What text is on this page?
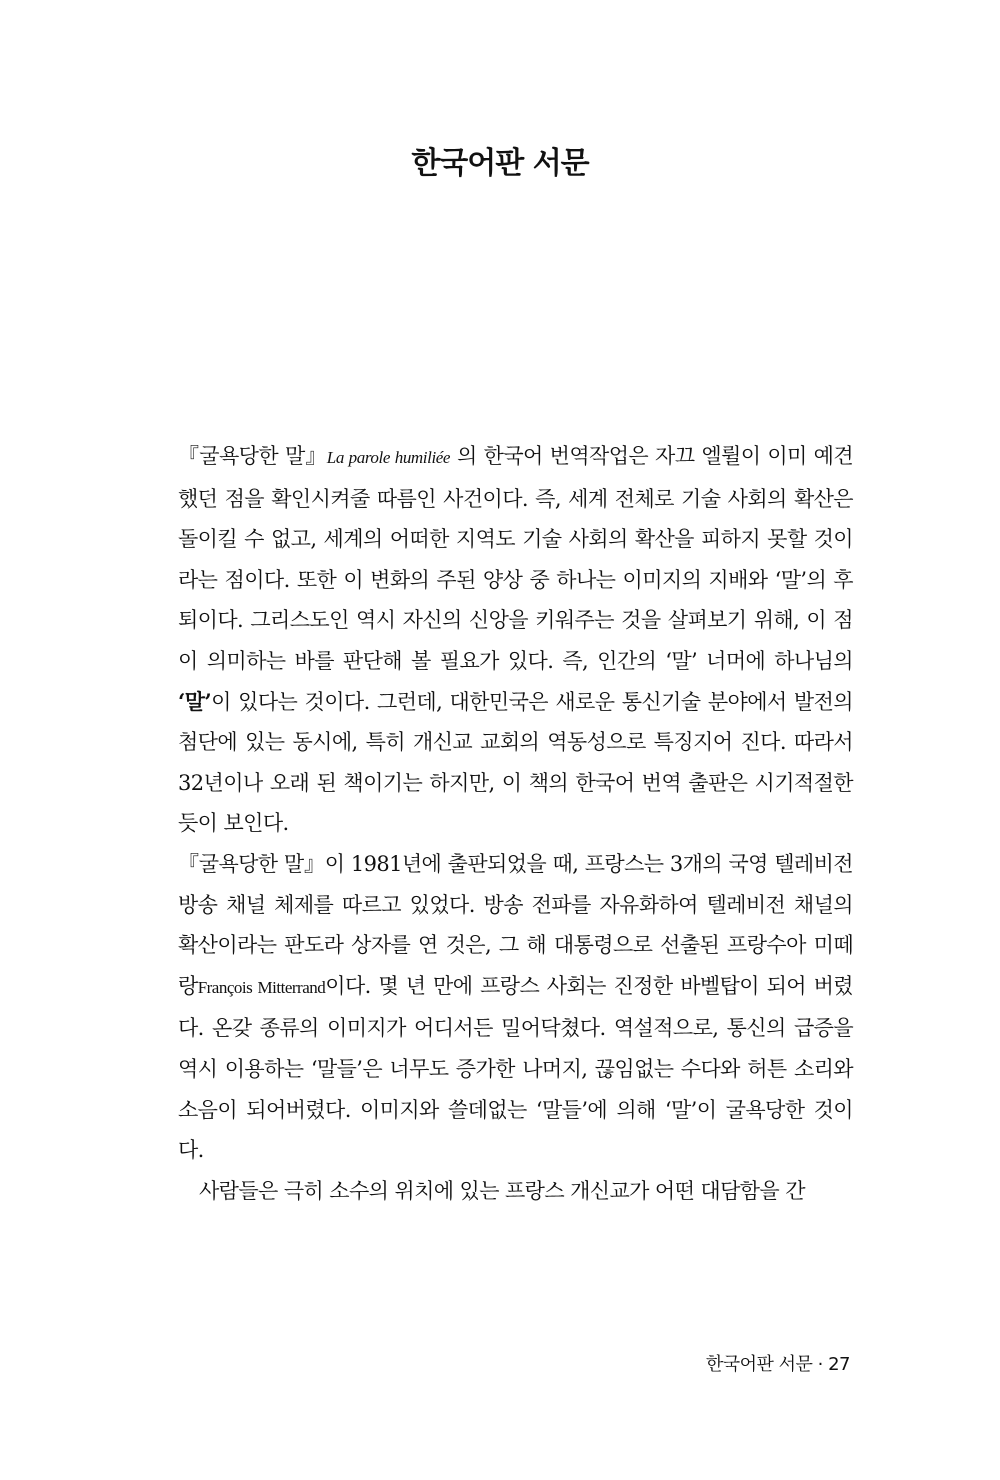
한국어판 서문

『굴욕당한 말』La parole humiliée 의 한국어 번역작업은 자끄 엘륄이 이미 예견했던 점을 확인시켜줄 따름인 사건이다. 즉, 세계 전체로 기술 사회의 확산은 돌이킬 수 없고, 세계의 어떠한 지역도 기술 사회의 확산을 피하지 못할 것이라는 점이다. 또한 이 변화의 주된 양상 중 하나는 이미지의 지배와 ‘말’의 후퇴이다. 그리스도인 역시 자신의 신앙을 키워주는 것을 살펴보기 위해, 이 점이 의미하는 바를 판단해 볼 필요가 있다. 즉, 인간의 ‘말’ 너머에 하나님의 ‘말’이 있다는 것이다. 그런데, 대한민국은 새로운 통신기술 분야에서 발전의 첨단에 있는 동시에, 특히 개신교 교회의 역동성으로 특징지어 진다. 따라서 32년이나 오래 된 책이기는 하지만, 이 책의 한국어 번역 출판은 시기적절한 듯이 보인다.

『굴욕당한 말』이 1981년에 출판되었을 때, 프랑스는 3개의 국영 텔레비전 방송 채널 체제를 따르고 있었다. 방송 전파를 자유화하여 텔레비전 채널의 확산이라는 판도라 상자를 연 것은, 그 해 대통령으로 선출된 프랑수아 미떼랑François Mitterrand이다. 몇 년 만에 프랑스 사회는 진정한 바벨탑이 되어 버렸다. 온갖 종류의 이미지가 어디서든 밀어닥쳤다. 역설적으로, 통신의 급증을 역시 이용하는 ‘말들’은 너무도 증가한 나머지, 끊임없는 수다와 허튼 소리와 소음이 되어버렸다. 이미지와 쓸데없는 ‘말들’에 의해 ‘말’이 굴욕당한 것이다.

사람들은 극히 소수의 위치에 있는 프랑스 개신교가 어떤 대담함을 간

한국어판 서문 · 27
